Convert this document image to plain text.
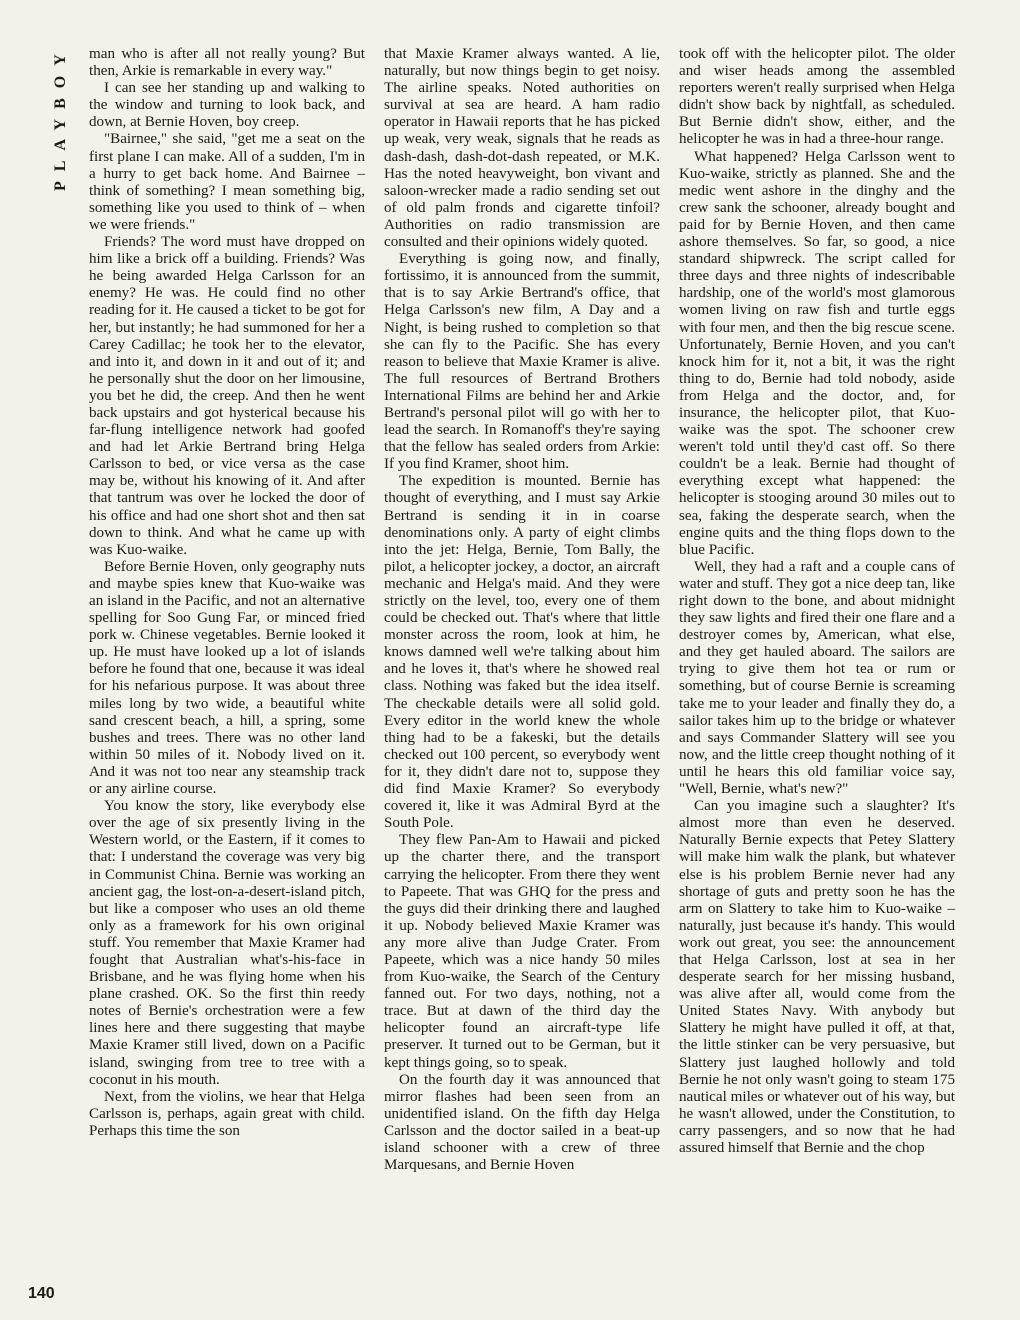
PLAYBOY	man who is after all not really young? But then, Arkie is remarkable in every way."

I can see her standing up and walking to the window and turning to look back, and down, at Bernie Hoven, boy creep.

"Bairnee," she said, "get me a seat on the first plane I can make. All of a sudden, I'm in a hurry to get back home. And Bairnee – think of something? I mean something big, something like you used to think of – when we were friends."

Friends? The word must have dropped on him like a brick off a building. Friends? Was he being awarded Helga Carlsson for an enemy? He was. He could find no other reading for it. He caused a ticket to be got for her, but instantly; he had summoned for her a Carey Cadillac; he took her to the elevator, and into it, and down in it and out of it; and he personally shut the door on her limousine, you bet he did, the creep. And then he went back upstairs and got hysterical because his far-flung intelligence network had goofed and had let Arkie Bertrand bring Helga Carlsson to bed, or vice versa as the case may be, without his knowing of it. And after that tantrum was over he locked the door of his office and had one short shot and then sat down to think. And what he came up with was Kuo-waike.

Before Bernie Hoven, only geography nuts and maybe spies knew that Kuo-waike was an island in the Pacific, and not an alternative spelling for Soo Gung Far, or minced fried pork w. Chinese vegetables. Bernie looked it up. He must have looked up a lot of islands before he found that one, because it was ideal for his nefarious purpose. It was about three miles long by two wide, a beautiful white sand crescent beach, a hill, a spring, some bushes and trees. There was no other land within 50 miles of it. Nobody lived on it. And it was not too near any steamship track or any airline course.

You know the story, like everybody else over the age of six presently living in the Western world, or the Eastern, if it comes to that: I understand the coverage was very big in Communist China. Bernie was working an ancient gag, the lost-on-a-desert-island pitch, but like a composer who uses an old theme only as a framework for his own original stuff. You remember that Maxie Kramer had fought that Australian what's-his-face in Brisbane, and he was flying home when his plane crashed. OK. So the first thin reedy notes of Bernie's orchestration were a few lines here and there suggesting that maybe Maxie Kramer still lived, down on a Pacific island, swinging from tree to tree with a coconut in his mouth.

Next, from the violins, we hear that Helga Carlsson is, perhaps, again great with child. Perhaps this time the son

that Maxie Kramer always wanted. A lie, naturally, but now things begin to get noisy. The airline speaks. Noted authorities on survival at sea are heard. A ham radio operator in Hawaii reports that he has picked up weak, very weak, signals that he reads as dash-dash, dash-dot-dash repeated, or M.K. Has the noted heavyweight, bon vivant and saloon-wrecker made a radio sending set out of old palm fronds and cigarette tinfoil? Authorities on radio transmission are consulted and their opinions widely quoted.

Everything is going now, and finally, fortissimo, it is announced from the summit, that is to say Arkie Bertrand's office, that Helga Carlsson's new film, A Day and a Night, is being rushed to completion so that she can fly to the Pacific. She has every reason to believe that Maxie Kramer is alive. The full resources of Bertrand Brothers International Films are behind her and Arkie Bertrand's personal pilot will go with her to lead the search. In Romanoff's they're saying that the fellow has sealed orders from Arkie: If you find Kramer, shoot him.

The expedition is mounted. Bernie has thought of everything, and I must say Arkie Bertrand is sending it in in coarse denominations only. A party of eight climbs into the jet: Helga, Bernie, Tom Bally, the pilot, a helicopter jockey, a doctor, an aircraft mechanic and Helga's maid. And they were strictly on the level, too, every one of them could be checked out. That's where that little monster across the room, look at him, he knows damned well we're talking about him and he loves it, that's where he showed real class. Nothing was faked but the idea itself. The checkable details were all solid gold. Every editor in the world knew the whole thing had to be a fakeski, but the details checked out 100 percent, so everybody went for it, they didn't dare not to, suppose they did find Maxie Kramer? So everybody covered it, like it was Admiral Byrd at the South Pole.

They flew Pan-Am to Hawaii and picked up the charter there, and the transport carrying the helicopter. From there they went to Papeete. That was GHQ for the press and the guys did their drinking there and laughed it up. Nobody believed Maxie Kramer was any more alive than Judge Crater. From Papeete, which was a nice handy 50 miles from Kuo-waike, the Search of the Century fanned out. For two days, nothing, not a trace. But at dawn of the third day the helicopter found an aircraft-type life preserver. It turned out to be German, but it kept things going, so to speak.

On the fourth day it was announced that mirror flashes had been seen from an unidentified island. On the fifth day Helga Carlsson and the doctor sailed in a beat-up island schooner with a crew of three Marquesans, and Bernie Hoven

took off with the helicopter pilot. The older and wiser heads among the assembled reporters weren't really surprised when Helga didn't show back by nightfall, as scheduled. But Bernie didn't show, either, and the helicopter he was in had a three-hour range.

What happened? Helga Carlsson went to Kuo-waike, strictly as planned. She and the medic went ashore in the dinghy and the crew sank the schooner, already bought and paid for by Bernie Hoven, and then came ashore themselves. So far, so good, a nice standard shipwreck. The script called for three days and three nights of indescribable hardship, one of the world's most glamorous women living on raw fish and turtle eggs with four men, and then the big rescue scene. Unfortunately, Bernie Hoven, and you can't knock him for it, not a bit, it was the right thing to do, Bernie had told nobody, aside from Helga and the doctor, and, for insurance, the helicopter pilot, that Kuo-waike was the spot. The schooner crew weren't told until they'd cast off. So there couldn't be a leak. Bernie had thought of everything except what happened: the helicopter is stooging around 30 miles out to sea, faking the desperate search, when the engine quits and the thing flops down to the blue Pacific.

Well, they had a raft and a couple cans of water and stuff. They got a nice deep tan, like right down to the bone, and about midnight they saw lights and fired their one flare and a destroyer comes by, American, what else, and they get hauled aboard. The sailors are trying to give them hot tea or rum or something, but of course Bernie is screaming take me to your leader and finally they do, a sailor takes him up to the bridge or whatever and says Commander Slattery will see you now, and the little creep thought nothing of it until he hears this old familiar voice say, "Well, Bernie, what's new?"

Can you imagine such a slaughter? It's almost more than even he deserved. Naturally Bernie expects that Petey Slattery will make him walk the plank, but whatever else is his problem Bernie never had any shortage of guts and pretty soon he has the arm on Slattery to take him to Kuo-waike – naturally, just because it's handy. This would work out great, you see: the announcement that Helga Carlsson, lost at sea in her desperate search for her missing husband, was alive after all, would come from the United States Navy. With anybody but Slattery he might have pulled it off, at that, the little stinker can be very persuasive, but Slattery just laughed hollowly and told Bernie he not only wasn't going to steam 175 nautical miles or whatever out of his way, but he wasn't allowed, under the Constitution, to carry passengers, and so now that he had assured himself that Bernie and the chop

140
